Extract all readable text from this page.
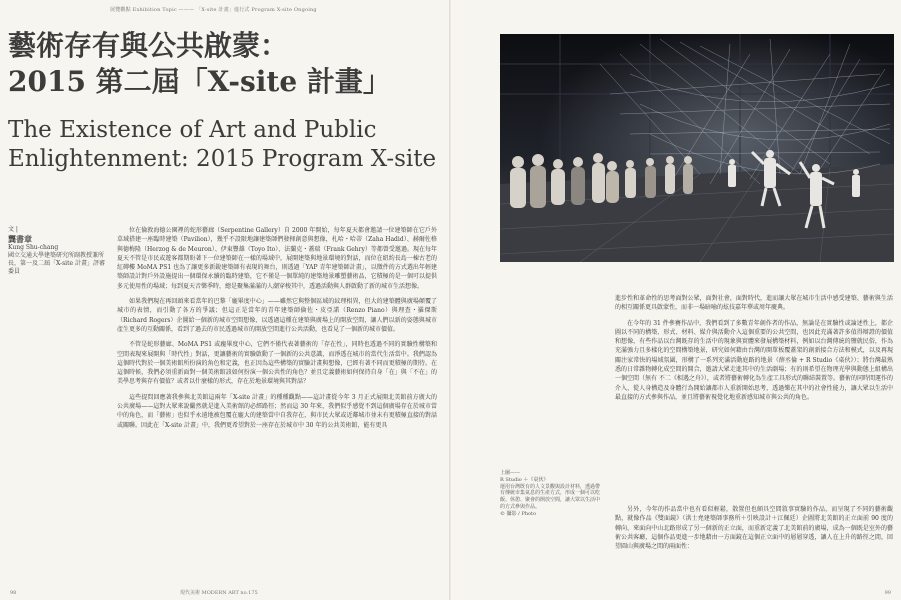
展覽觀點 Exhibition Topic ——— 「X-site 計畫」進行式 Program X-site Ongoing
藝術存有與公共啟蒙：
2015 第二屆「X-site 計畫」
The Existence of Art and Public
Enlightenment: 2015 Program X-site
文 |
龔書章
Kung Shu-chang
國立交通大學建築研究所副教授兼所長，第一及二屆「X-site 計畫」評審委員

位在倫敦海德公園裡的蛇形藝廊（Serpentine Gallery）自 2000 年開始，每年夏天都會邀請一位建築師在它戶外草域搭建一座臨時建築（Pavilion），幾乎不設限地讓建築師們發揮創意與想像，札哈・哈蒂（Zaha Hadid）、赫爾佐格與德梅隆（Herzog & de Meuron）、伊東豐雄（Toyo Ito）、法蘭克・蓋瑞（Frank Gehry）等都曾受邀過。現在每年夏天不管是市民或遊客都期盼著下一位建築師在一樣的場域中，展開建築與地景環境的對話，而位在紐約長島一棟古老的紅磚樓 MoMA PS1 也為了讓更多新銳建築師有表現的舞台，則透過「YAP 青年建築師計畫」，以徵件的方式選出年輕建築師設計對戶外設施提出一個環保永續的臨時建築，它不僅是一個單純的建築地景雕塑藝術品，它積極的是一個可以提供多元使用性的場域；每到夏天音樂季時，總是聚集滿滿的人潮穿梭其中，透過活動與人群啟動了新的城市生活想像。

如果我們現在再回頭來看當年的巴黎「龐畢度中心」——雖然它與整個區域的紋理相異，但大的建築體與廣場顛覆了城市的表情，而引動了各方的爭議；但這正是當年的青年建築師倫佐・皮亞諾（Renzo Piano）與理查・羅傑斯（Richard Rogers）企圖給一個新的城市空間想像，以透過這種在建築與廣場上的開放空間，讓人們以新的姿態與城市產生更多的互動關係，看到了過去的市民透過城市的開放空間進行公共活動，也看見了一個新的城市價值。

不管是蛇形藝廊、MoMA PS1 或龐畢度中心，它們不僅代表著藝術的「存在性」，同時也透過不同的實驗性構築和空間表現來展開與「時代性」對話，更讓藝術的實驗啟動了一個新的公共意識，而淨透在城市的當代生活當中。我們認為這個時代對於一個美術館所扮演的角色和定義，也正因為這些構築的實驗計畫與想像，已經有著不同而更積極的期待。在這個時候，我們必須重新面對一個美術館該如何扮演一個公共性的角色？並且定義藝術如何保持自身「在」與「不在」的美學思考與存有價值？或者以什麼樣的形式，存在於地景環境與其對話？

這些提問回應著我參與北美館這兩年「X-site 計畫」的種種觀點——這計畫從今年 3 月正式展開北美館前方廣大的公共廣場——這對大眾來說儼然就是進入美術館的必經路徑；然而這 30 年來，我們似乎感覺不到這個廣場存在於城市當中的角色，而「藝術」也似乎永遠地被包覆在龐大的建築當中自我存在，與市民大眾或近鄰城市並未有更積極直接的對話或關聯。因此在「X-site 計畫」中，我們更希望對於一座存在於城市中 30 年的公共美術館，能有更具

98	現代美術 MODERN ART no.175

進步性和革命性的思考面對公眾，面對社會，面對時代，進而讓大眾在城市生活中感受建築、藝術與生活的相互關係更具啟蒙性，而非一場暗喻的炫技嘉年華或周年慶典。

在今年的 31 件參賽作品中，我們看到了多數青年創作者的作品，無論是在實驗性或論述性上，都企圖以不同的構築、形式、材料、媒介與活動介入這個重要的公共空間，也因此充滿著許多值得辯證的價值和想像，有些作品以台灣既存的生活中的現象與實體來發展構築材料，例如以台灣傳統的鹽就民俗，作為充滿強力且多樣化的空間構築地景，研究如何藉由台灣的開單板覆蓋架的創新接合方法和模式，以及再現關注家常快的場域氛圍，形構了一系列充滿活動庭路的地景（薛丞倫 + R Studio《桌伙》）；將台灣最熟悉的日常雜物轉化成空間的開合，邀請大眾走進其中的生活劇場；有的則希望在物理光學與動態上組構出一個空間（無有 不二《相遇之舟》），或者將藝術轉化為生產工具形式的聯結裝置等。藝術的同時間運作的介入，從人身構造及身體行為開始讓都市人重新開始思考，透過樂在其中的社會性能力，讓大眾以生活中最直接的方式參與作品，並且將藝術視覺化地重新感知城市與公共的角色。

上圖——
R Studio ＋《桌伙》
運用台灣既有的人文景觀與設計材料，透過帶有傳統市集氣息的生產方式，形成一個可以吃飯、休憩、聚會的開放空間，讓大眾以生活中的方式參與作品。
© 攝影 / Photo

另外，今年的作品當中也有看似輕鬆，散置但也頗具空間敘事實驗的作品，而呈現了不同的藝術觀點，就像作品《雙面鏡》（洪士堯建築師事務所＋引映設計＋江佩廷）企圖將北美館的正立面前 90 度的轉向，來面向中山北路形成了另一個新的正立面，而重新定義了北美館前的廣場，成為一個既是室外的藝術公共客廳，這個作品更進一步地藉由一方面鏡在這個正立面中的層層穿透，讓人在上升的路徑之間，回望圓山與廣場之間的兩面性：

99
